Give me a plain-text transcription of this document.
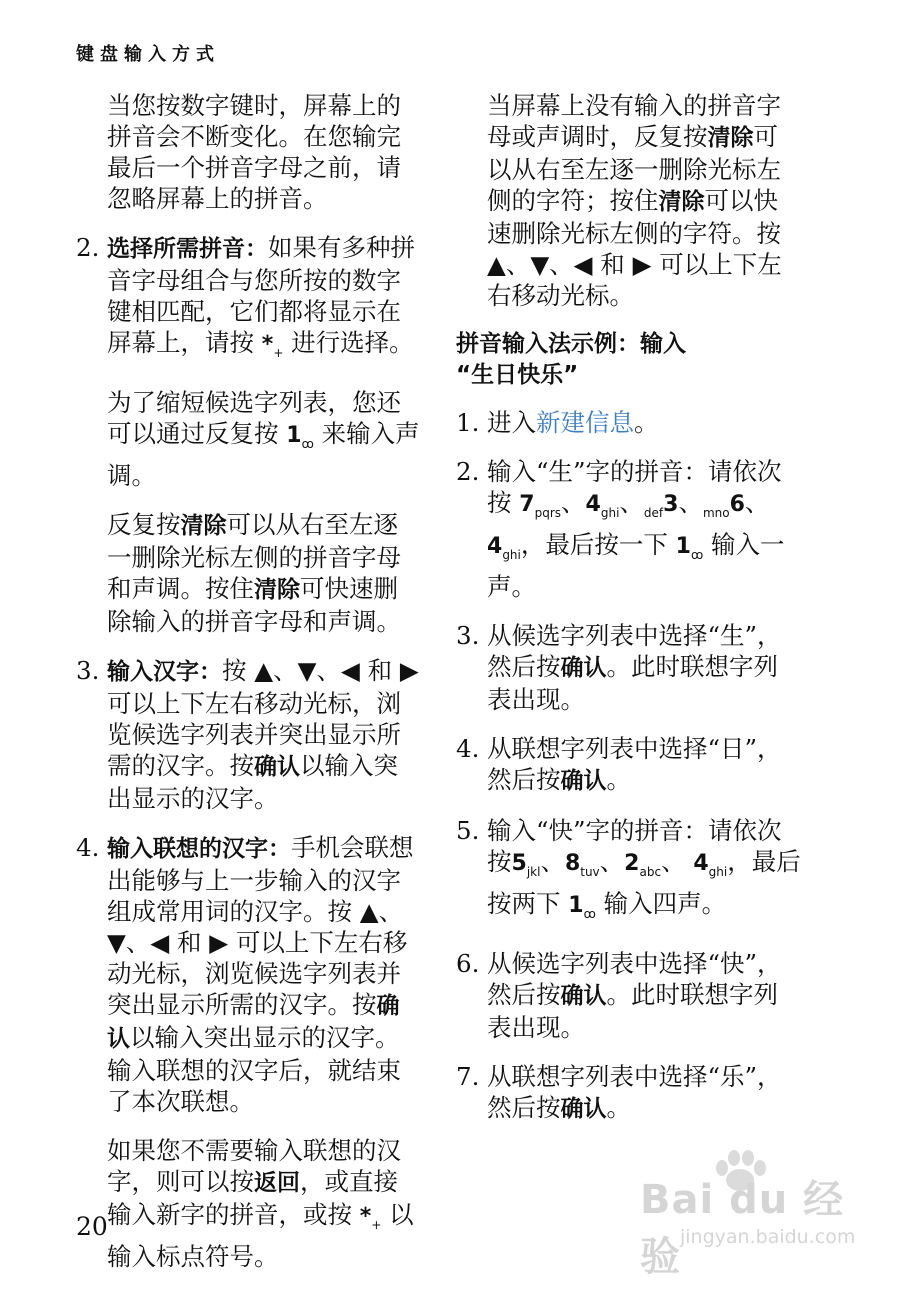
键盘输入方式

当您按数字键时，屏幕上的拼音会不断变化。在您输完最后一个拼音字母之前，请忽略屏幕上的拼音。

2. 选择所需拼音：如果有多种拼音字母组合与您所按的数字键相匹配，它们都将显示在屏幕上，请按 $*_+$ 进行选择。

为了缩短候选字列表，您还可以通过反复按 $1_ꝏ$ 来输入声调。

反复按清除可以从右至左逐一删除光标左侧的拼音字母和声调。按住清除可快速删除输入的拼音字母和声调。

3. 输入汉字：按 ▲、▼、◀ 和 ▶ 可以上下左右移动光标，浏览候选字列表并突出显示所需的汉字。按确认以输入突出显示的汉字。
4. 输入联想的汉字：手机会联想出能够与上一步输入的汉字组成常用词的汉字。按 ▲、▼、◀ 和 ▶ 可以上下左右移动光标，浏览候选字列表并突出显示所需的汉字。按确认以输入突出显示的汉字。输入联想的汉字后，就结束了本次联想。

如果您不需要输入联想的汉字，则可以按返回，或直接输入新字的拼音，或按 $*_+$ 以输入标点符号。

当屏幕上没有输入的拼音字母或声调时，反复按清除可以从右至左逐一删除光标左侧的字符；按住清除可以快速删除光标左侧的字符。按 ▲、▼、◀ 和 ▶ 可以上下左右移动光标。

拼音输入法示例：输入
“生日快乐”
1. 进入新建信息。
2. 输入“生”字的拼音：请依次按 $7_{pqrs}$、$4_{ghi}$、$_{def}$3、$_{mno}$6、$4_{ghi}$，最后按一下 $1_ꝏ$ 输入一声。
3. 从候选字列表中选择“生”，然后按确认。此时联想字列表出现。
4. 从联想字列表中选择“日”，然后按确认。
5. 输入“快”字的拼音：请依次按$5_{jkl}$、$8_{tuv}$、$2_{abc}$、 $4_{ghi}$，最后按两下 $1_ꝏ$ 输入四声。
6. 从候选字列表中选择“快”，然后按确认。此时联想字列表出现。
7. 从联想字列表中选择“乐”，然后按确认。
20
Bai du 经验 jingyan.baidu.com
